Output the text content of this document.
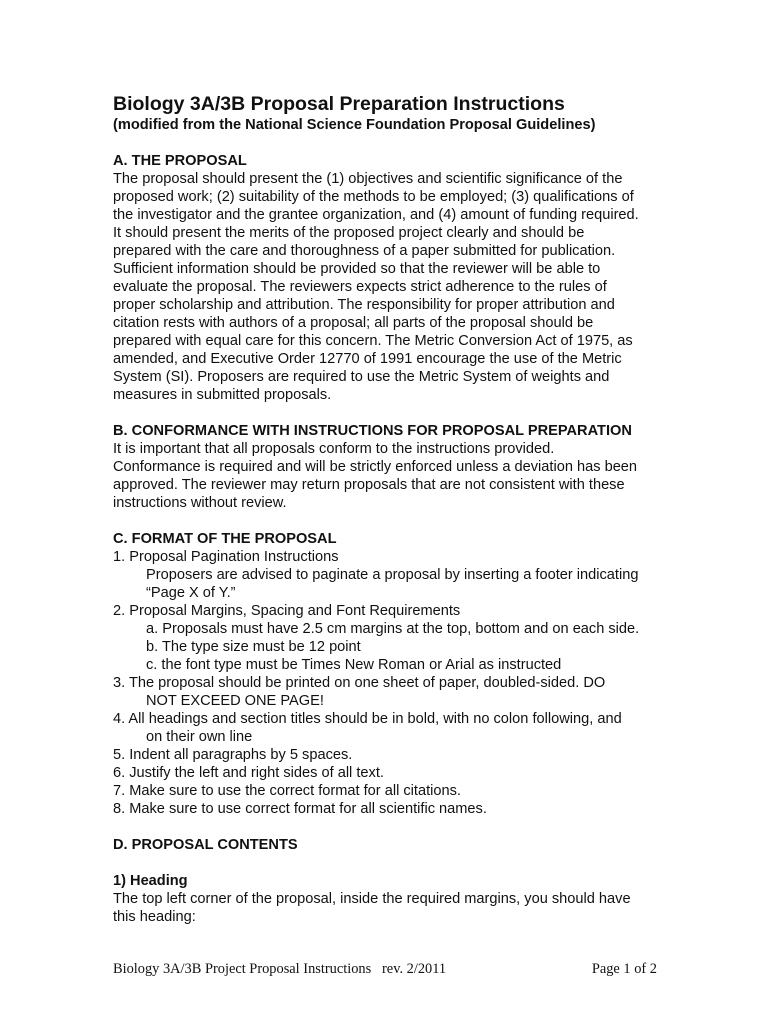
Biology 3A/3B Proposal Preparation Instructions

(modified from the National Science Foundation Proposal Guidelines)

A. THE PROPOSAL

The proposal should present the (1) objectives and scientific significance of the

proposed work; (2) suitability of the methods to be employed; (3) qualifications of

the investigator and the grantee organization, and (4) amount of funding required.

It should present the merits of the proposed project clearly and should be

prepared with the care and thoroughness of a paper submitted for publication.

Sufficient information should be provided so that the reviewer will be able to

evaluate the proposal. The reviewers expects strict adherence to the rules of

proper scholarship and attribution. The responsibility for proper attribution and

citation rests with authors of a proposal; all parts of the proposal should be

prepared with equal care for this concern. The Metric Conversion Act of 1975, as

amended, and Executive Order 12770 of 1991 encourage the use of the Metric

System (SI). Proposers are required to use the Metric System of weights and

measures in submitted proposals.

B. CONFORMANCE WITH INSTRUCTIONS FOR PROPOSAL PREPARATION

It is important that all proposals conform to the instructions provided.

Conformance is required and will be strictly enforced unless a deviation has been

approved. The reviewer may return proposals that are not consistent with these

instructions without review.

C. FORMAT OF THE PROPOSAL

1. Proposal Pagination Instructions
Proposers are advised to paginate a proposal by inserting a footer indicating
“Page X of Y.”
2. Proposal Margins, Spacing and Font Requirements
a. Proposals must have 2.5 cm margins at the top, bottom and on each side.
b. The type size must be 12 point
c. the font type must be Times New Roman or Arial as instructed
3. The proposal should be printed on one sheet of paper, doubled-sided. DO
NOT EXCEED ONE PAGE!
4. All headings and section titles should be in bold, with no colon following, and
on their own line
5. Indent all paragraphs by 5 spaces.
6. Justify the left and right sides of all text.
7. Make sure to use the correct format for all citations.
8. Make sure to use correct format for all scientific names.

D. PROPOSAL CONTENTS

1) Heading

The top left corner of the proposal, inside the required margins, you should have

this heading:

Biology 3A/3B Project Proposal Instructions   rev. 2/2011	Page 1 of 2
